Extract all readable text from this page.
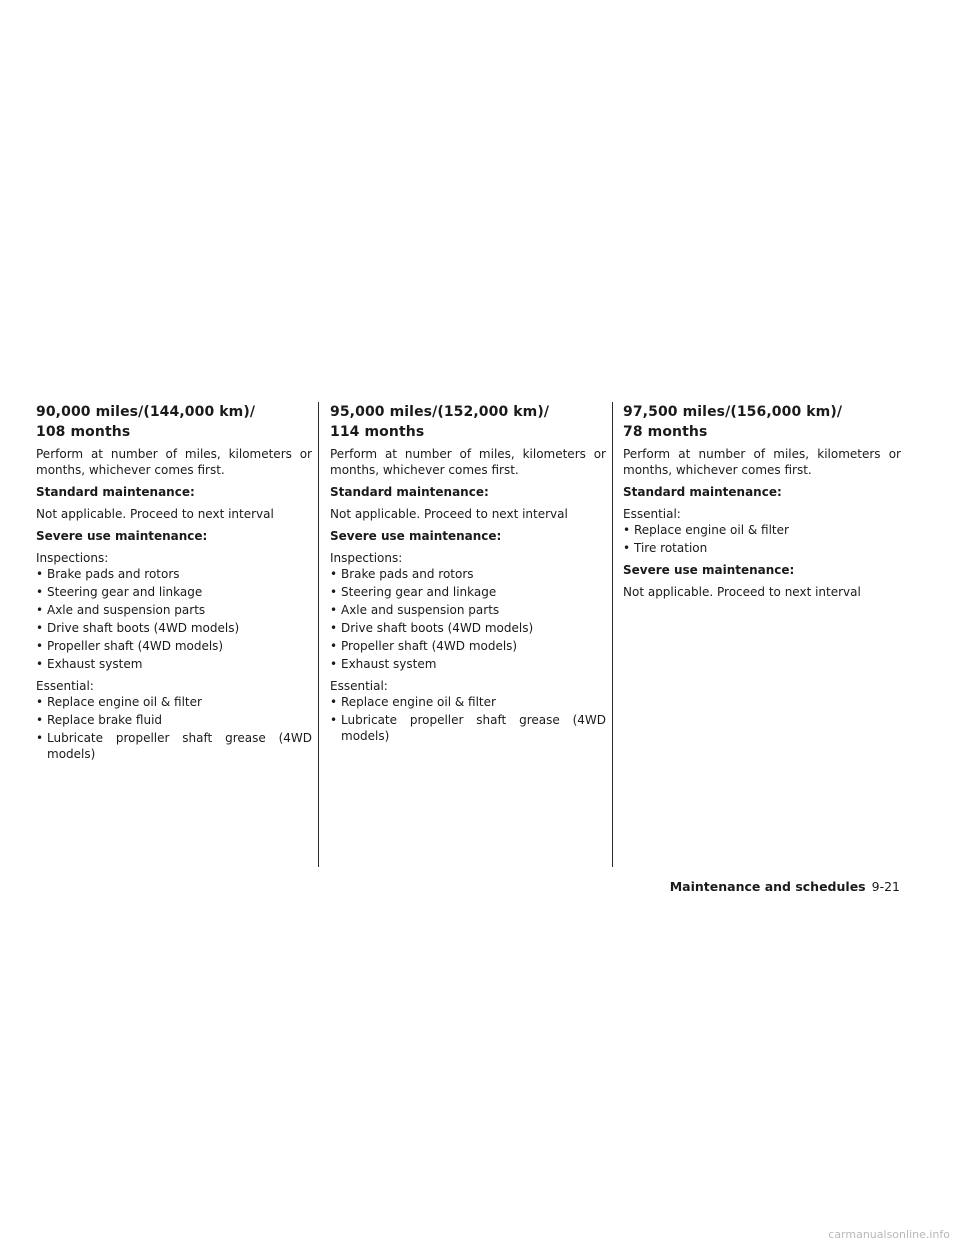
90,000 miles/(144,000 km)/
108 months

Perform at number of miles, kilometers or months, whichever comes first.

Standard maintenance:

Not applicable. Proceed to next interval

Severe use maintenance:

Inspections:

• Brake pads and rotors
• Steering gear and linkage
• Axle and suspension parts
• Drive shaft boots (4WD models)
• Propeller shaft (4WD models)
• Exhaust system

Essential:

• Replace engine oil & filter
• Replace brake fluid
• Lubricate propeller shaft grease (4WD models)
95,000 miles/(152,000 km)/
114 months

Perform at number of miles, kilometers or months, whichever comes first.

Standard maintenance:

Not applicable. Proceed to next interval

Severe use maintenance:

Inspections:

• Brake pads and rotors
• Steering gear and linkage
• Axle and suspension parts
• Drive shaft boots (4WD models)
• Propeller shaft (4WD models)
• Exhaust system

Essential:

• Replace engine oil & filter
• Lubricate propeller shaft grease (4WD models)
97,500 miles/(156,000 km)/
78 months

Perform at number of miles, kilometers or months, whichever comes first.

Standard maintenance:

Essential:

• Replace engine oil & filter
• Tire rotation

Severe use maintenance:

Not applicable. Proceed to next interval

Maintenance and schedules 9-21
carmanualsonline.info
